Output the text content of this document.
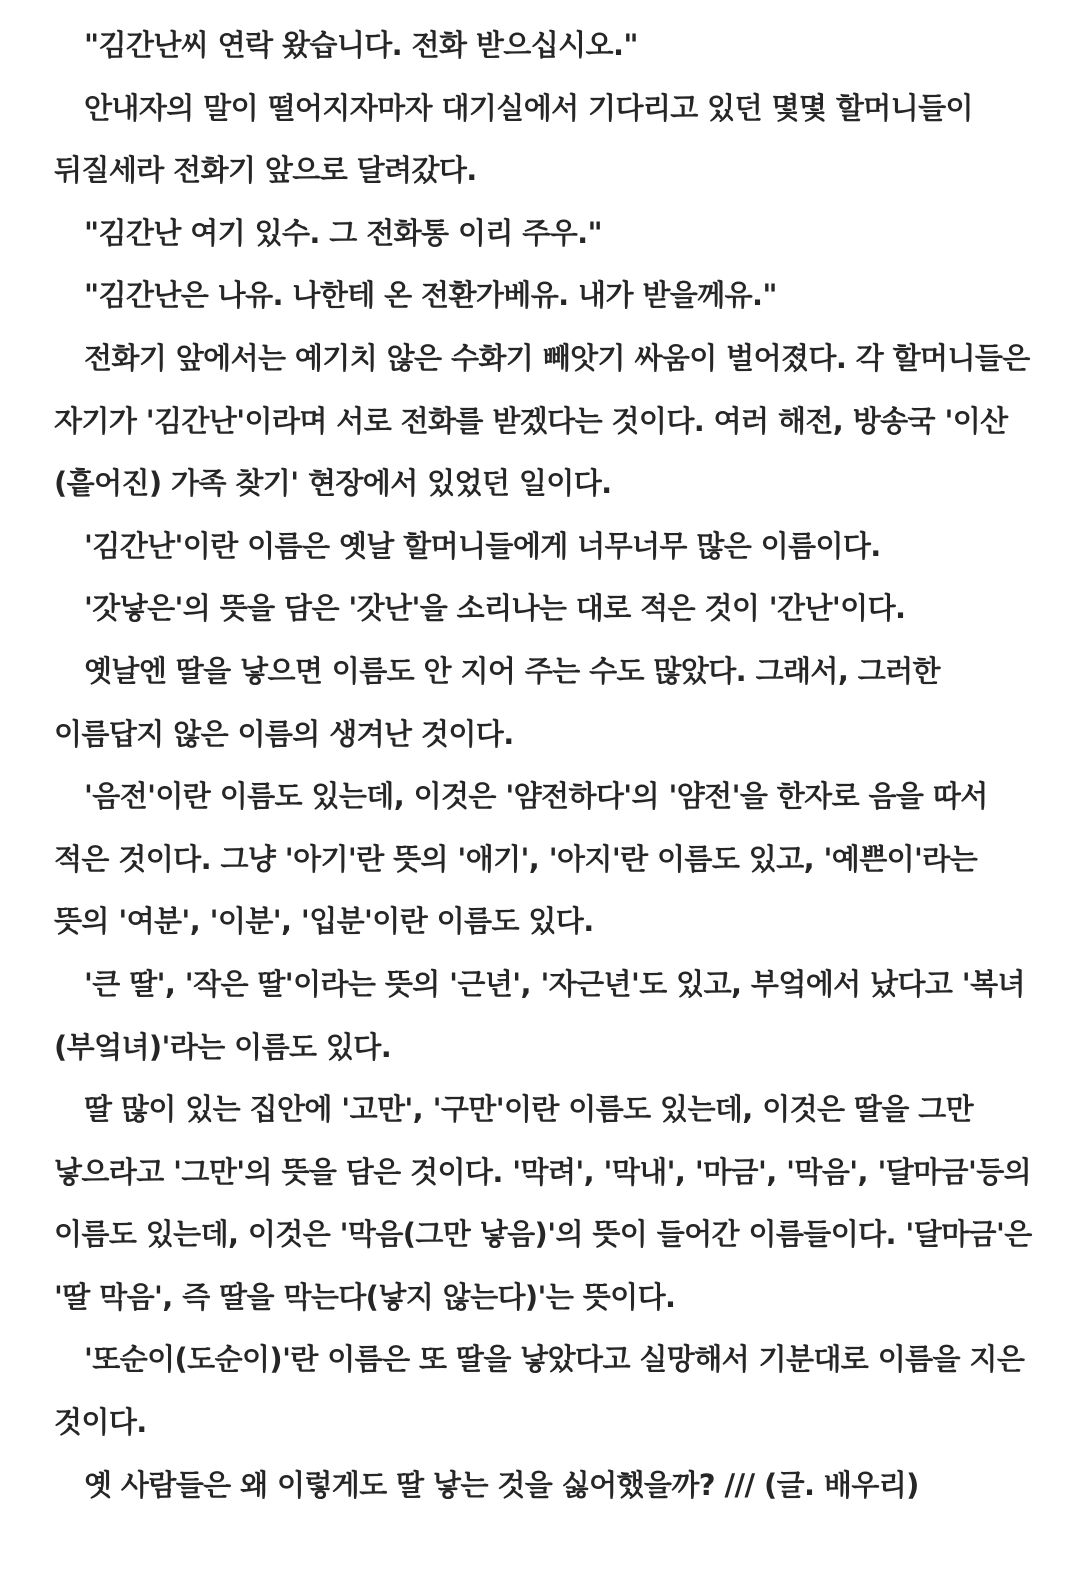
"김간난씨 연락 왔습니다. 전화 받으십시오."

안내자의 말이 떨어지자마자 대기실에서 기다리고 있던 몇몇 할머니들이 뒤질세라 전화기 앞으로 달려갔다.

"김간난 여기 있수. 그 전화통 이리 주우."

"김간난은 나유. 나한테 온 전환가베유. 내가 받을께유."

전화기 앞에서는 예기치 않은 수화기 빼앗기 싸움이 벌어졌다. 각 할머니들은 자기가 '김간난'이라며 서로 전화를 받겠다는 것이다. 여러 해전, 방송국 '이산(흩어진) 가족 찾기' 현장에서 있었던 일이다.

'김간난'이란 이름은 옛날 할머니들에게 너무너무 많은 이름이다.

'갓낳은'의 뜻을 담은 '갓난'을 소리나는 대로 적은 것이 '간난'이다.

옛날엔 딸을 낳으면 이름도 안 지어 주는 수도 많았다. 그래서, 그러한 이름답지 않은 이름의 생겨난 것이다.

'음전'이란 이름도 있는데, 이것은 '얌전하다'의 '얌전'을 한자로 음을 따서 적은 것이다. 그냥 '아기'란 뜻의 '애기', '아지'란 이름도 있고, '예쁜이'라는 뜻의 '여분', '이분', '입분'이란 이름도 있다.

'큰 딸', '작은 딸'이라는 뜻의 '근년', '자근년'도 있고, 부엌에서 났다고 '복녀(부엌녀)'라는 이름도 있다.

딸 많이 있는 집안에 '고만', '구만'이란 이름도 있는데, 이것은 딸을 그만 낳으라고 '그만'의 뜻을 담은 것이다. '막려', '막내', '마금', '막음', '달마금'등의 이름도 있는데, 이것은 '막음(그만 낳음)'의 뜻이 들어간 이름들이다. '달마금'은 '딸 막음', 즉 딸을 막는다(낳지 않는다)'는 뜻이다.

'또순이(도순이)'란 이름은 또 딸을 낳았다고 실망해서 기분대로 이름을 지은 것이다.

옛 사람들은 왜 이렇게도 딸 낳는 것을 싫어했을까? /// (글. 배우리)
